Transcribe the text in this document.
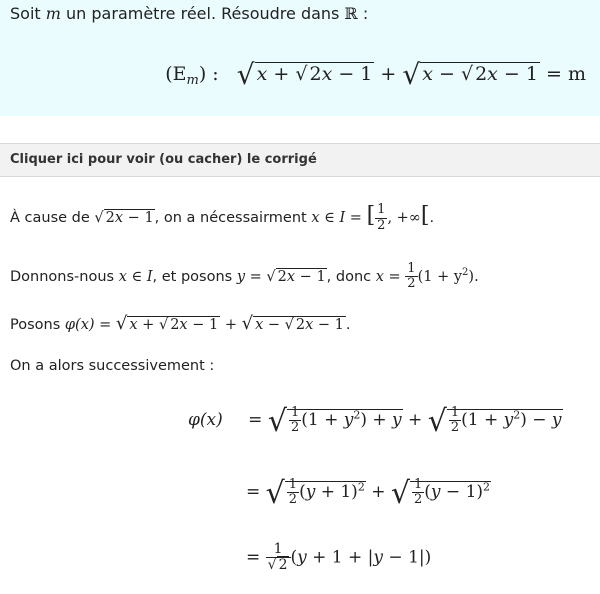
Soit m un paramètre réel. Résoudre dans ℝ :
$(E_m)$ : √ x + √ 2x − 1 + √ x − √ 2x − 1 = m
Cliquer ici pour voir (ou cacher) le corrigé
À cause de √ 2x − 1, on a nécessairment x ∈ I = [ $\frac{1}{2}$ , +∞[.
Donnons-nous x ∈ I, et posons y = √ 2x − 1, donc $x = \frac{1}{2} (1 + y^2)$.
Posons φ(x) = √ x + √ 2x − 1 + √ x − √ 2x − 1 .
On a alors successivement :
φ(x) = √ $\frac{1}{2} (1 + y^2) + y$ + √ $\frac{1}{2} (1 + y^2) - y$
= √ $\frac{1}{2} (y + 1)^2$ + √ $\frac{1}{2} (y - 1)^2$
= $\frac{1}{√ 2} (y + 1 + |y - 1|)$
